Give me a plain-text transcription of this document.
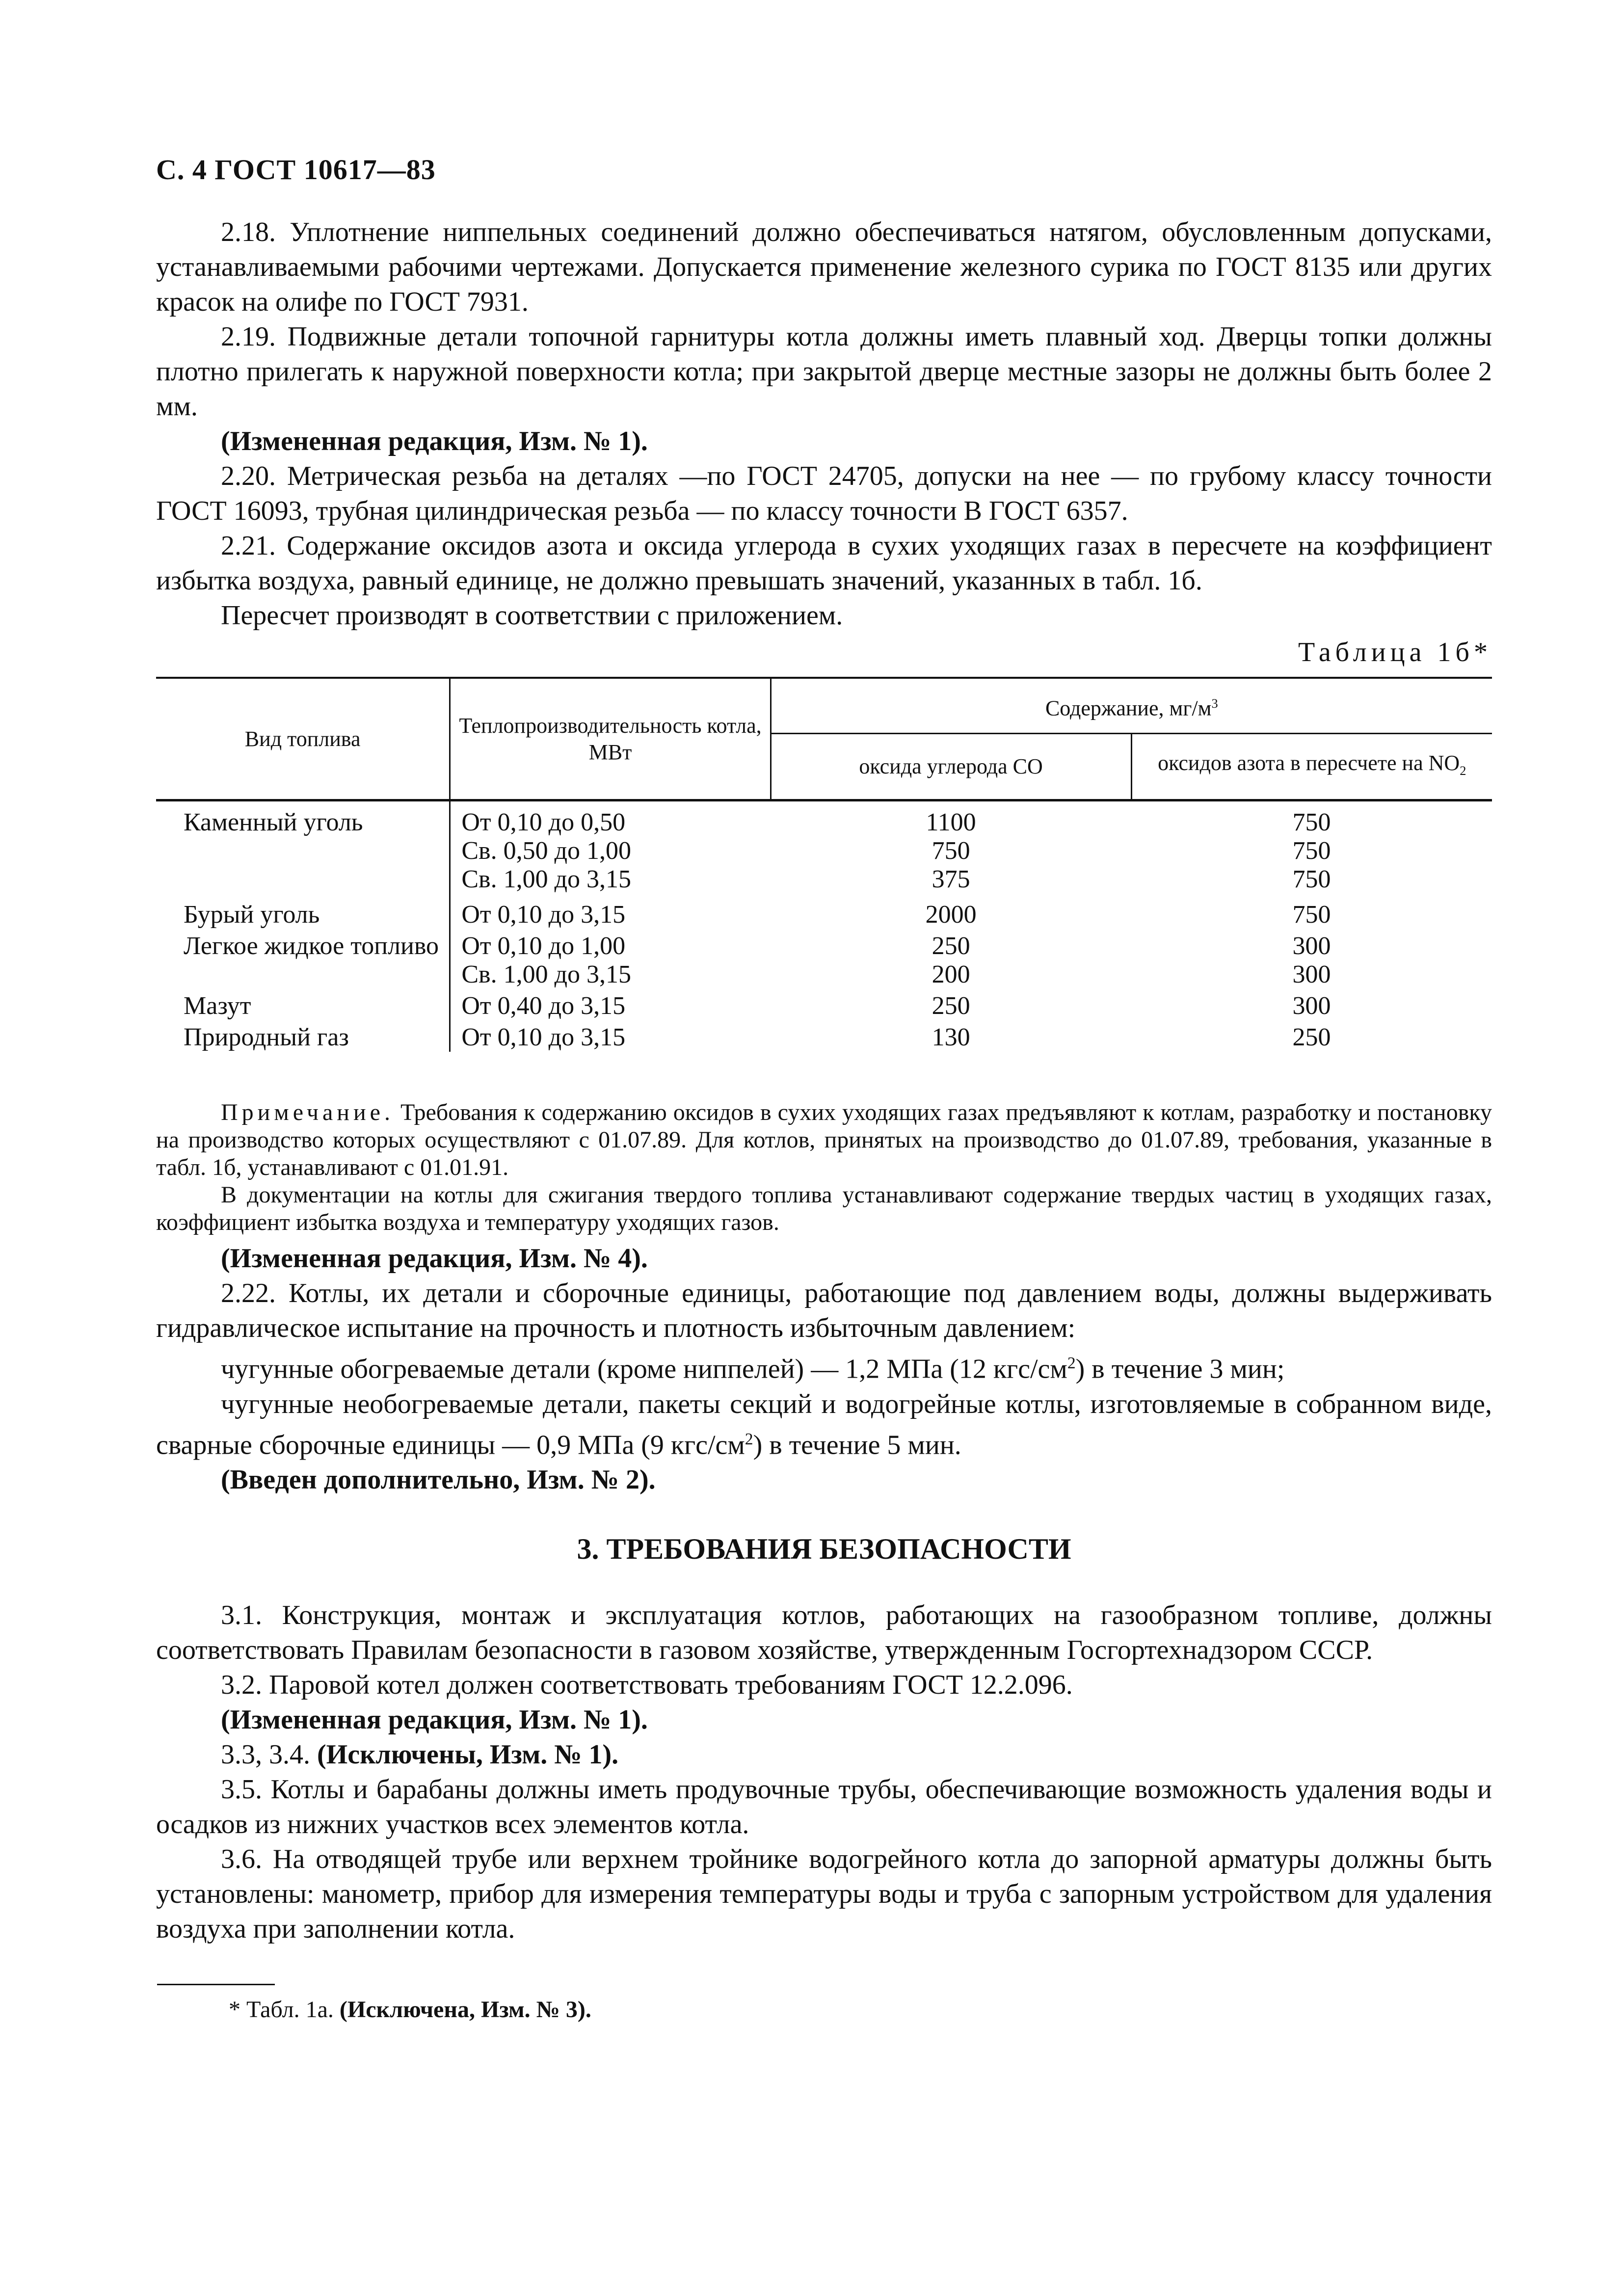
С. 4 ГОСТ 10617—83

2.18. Уплотнение ниппельных соединений должно обеспечиваться натягом, обусловленным допусками, устанавливаемыми рабочими чертежами. Допускается применение железного сурика по ГОСТ 8135 или других красок на олифе по ГОСТ 7931.

2.19. Подвижные детали топочной гарнитуры котла должны иметь плавный ход. Дверцы топки должны плотно прилегать к наружной поверхности котла; при закрытой дверце местные зазоры не должны быть более 2 мм.

(Измененная редакция, Изм. № 1).

2.20. Метрическая резьба на деталях —по ГОСТ 24705, допуски на нее — по грубому классу точности ГОСТ 16093, трубная цилиндрическая резьба — по классу точности В ГОСТ 6357.

2.21. Содержание оксидов азота и оксида углерода в сухих уходящих газах в пересчете на коэффициент избытка воздуха, равный единице, не должно превышать значений, указанных в табл. 1б.

Пересчет производят в соответствии с приложением.

Таблица 1б*
Вид топлива	Теплопроизводительность котла, МВт	Содержание, $мг/м^3$
		оксида углерода СО	оксидов азота в пересчете на $NO_2$
Каменный уголь	От 0,10 до 0,50	1100	750
	Св. 0,50 до 1,00	750	750
	Св. 1,00 до 3,15	375	750
Бурый уголь	От 0,10 до 3,15	2000	750
Легкое жидкое топливо	От 0,10 до 1,00	250	300
	Св. 1,00 до 3,15	200	300
Мазут	От 0,40 до 3,15	250	300
Природный газ	От 0,10 до 3,15	130	250

Примечание. Требования к содержанию оксидов в сухих уходящих газах предъявляют к котлам, разработку и постановку на производство которых осуществляют с 01.07.89. Для котлов, принятых на производство до 01.07.89, требования, указанные в табл. 1б, устанавливают с 01.01.91.

В документации на котлы для сжигания твердого топлива устанавливают содержание твердых частиц в уходящих газах, коэффициент избытка воздуха и температуру уходящих газов.

(Измененная редакция, Изм. № 4).

2.22. Котлы, их детали и сборочные единицы, работающие под давлением воды, должны выдерживать гидравлическое испытание на прочность и плотность избыточным давлением:

чугунные обогреваемые детали (кроме ниппелей) — 1,2 МПа (12 кгс/$см^2$) в течение 3 мин;

чугунные необогреваемые детали, пакеты секций и водогрейные котлы, изготовляемые в собранном виде, сварные сборочные единицы — 0,9 МПа (9 кгс/$см^2$) в течение 5 мин.

(Введен дополнительно, Изм. № 2).

3. ТРЕБОВАНИЯ БЕЗОПАСНОСТИ

3.1. Конструкция, монтаж и эксплуатация котлов, работающих на газообразном топливе, должны соответствовать Правилам безопасности в газовом хозяйстве, утвержденным Госгортехнадзором СССР.

3.2. Паровой котел должен соответствовать требованиям ГОСТ 12.2.096.

(Измененная редакция, Изм. № 1).

3.3, 3.4. (Исключены, Изм. № 1).

3.5. Котлы и барабаны должны иметь продувочные трубы, обеспечивающие возможность удаления воды и осадков из нижних участков всех элементов котла.

3.6. На отводящей трубе или верхнем тройнике водогрейного котла до запорной арматуры должны быть установлены: манометр, прибор для измерения температуры воды и труба с запорным устройством для удаления воздуха при заполнении котла.

* Табл. 1а. (Исключена, Изм. № 3).
